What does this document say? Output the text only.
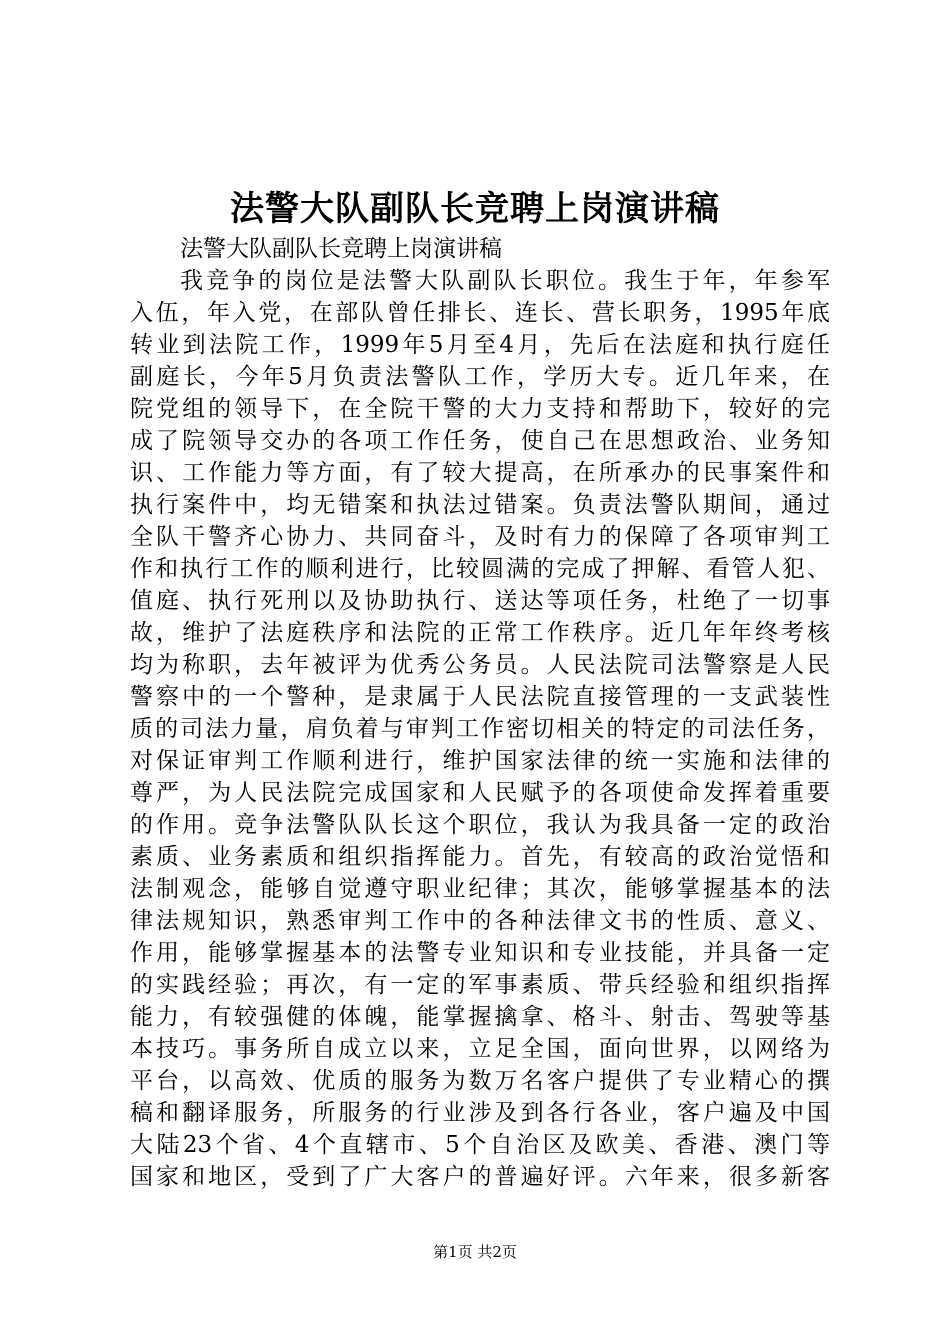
法警大队副队长竞聘上岗演讲稿
法警大队副队长竞聘上岗演讲稿
我竞争的岗位是法警大队副队长职位。我生于年，年参军
入伍，年入党，在部队曾任排长、连长、营长职务，1995年底
转业到法院工作，1999年5月至4月，先后在法庭和执行庭任
副庭长，今年5月负责法警队工作，学历大专。近几年来，在
院党组的领导下，在全院干警的大力支持和帮助下，较好的完
成了院领导交办的各项工作任务，使自己在思想政治、业务知
识、工作能力等方面，有了较大提高，在所承办的民事案件和
执行案件中，均无错案和执法过错案。负责法警队期间，通过
全队干警齐心协力、共同奋斗，及时有力的保障了各项审判工
作和执行工作的顺利进行，比较圆满的完成了押解、看管人犯、
值庭、执行死刑以及协助执行、送达等项任务，杜绝了一切事
故，维护了法庭秩序和法院的正常工作秩序。近几年年终考核
均为称职，去年被评为优秀公务员。人民法院司法警察是人民
警察中的一个警种，是隶属于人民法院直接管理的一支武装性
质的司法力量，肩负着与审判工作密切相关的特定的司法任务，
对保证审判工作顺利进行，维护国家法律的统一实施和法律的
尊严，为人民法院完成国家和人民赋予的各项使命发挥着重要
的作用。竞争法警队队长这个职位，我认为我具备一定的政治
素质、业务素质和组织指挥能力。首先，有较高的政治觉悟和
法制观念，能够自觉遵守职业纪律；其次，能够掌握基本的法
律法规知识，熟悉审判工作中的各种法律文书的性质、意义、
作用，能够掌握基本的法警专业知识和专业技能，并具备一定
的实践经验；再次，有一定的军事素质、带兵经验和组织指挥
能力，有较强健的体魄，能掌握擒拿、格斗、射击、驾驶等基
本技巧。事务所自成立以来，立足全国，面向世界，以网络为
平台，以高效、优质的服务为数万名客户提供了专业精心的撰
稿和翻译服务，所服务的行业涉及到各行各业，客户遍及中国
大陆23个省、4个直辖市、5个自治区及欧美、香港、澳门等
国家和地区，受到了广大客户的普遍好评。六年来，很多新客
第1页 共2页
